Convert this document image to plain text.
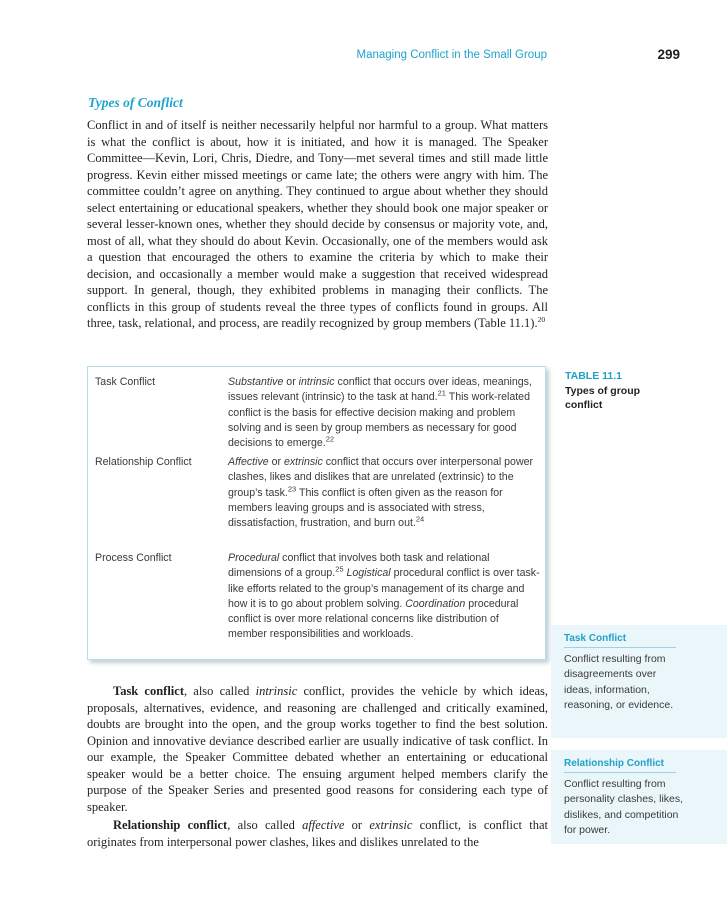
Managing Conflict in the Small Group	299
Types of Conflict

Conflict in and of itself is neither necessarily helpful nor harmful to a group. What matters is what the conflict is about, how it is initiated, and how it is managed. The Speaker Committee—Kevin, Lori, Chris, Diedre, and Tony—met several times and still made little progress. Kevin either missed meetings or came late; the others were angry with him. The committee couldn’t agree on anything. They continued to argue about whether they should select entertaining or educational speakers, whether they should book one major speaker or several lesser-known ones, whether they should decide by consensus or majority vote, and, most of all, what they should do about Kevin. Occasionally, one of the members would ask a question that encouraged the others to examine the criteria by which to make their decision, and occasionally a member would make a suggestion that received widespread support. In general, though, they exhibited problems in managing their conflicts. The conflicts in this group of students reveal the three types of conflicts found in groups. All three, task, relational, and process, are readily recognized by group members (Table 11.1).$^{20}$

Task Conflict	Substantive or intrinsic conflict that occurs over ideas, meanings, issues relevant (intrinsic) to the task at hand.$^{21}$ This work-related conflict is the basis for effective decision making and problem solving and is seen by group members as necessary for good decisions to emerge.$^{22}$
Relationship Conflict	Affective or extrinsic conflict that occurs over interpersonal power clashes, likes and dislikes that are unrelated (extrinsic) to the group’s task.$^{23}$ This conflict is often given as the reason for members leaving groups and is associated with stress, dissatisfaction, frustration, and burn out.$^{24}$
Process Conflict	Procedural conflict that involves both task and relational dimensions of a group.$^{25}$ Logistical procedural conflict is over task-like efforts related to the group’s management of its charge and how it is to go about problem solving. Coordination procedural conflict is over more relational concerns like distribution of member responsibilities and workloads.
TABLE 11.1
Types of group conflict

Task conflict, also called intrinsic conflict, provides the vehicle by which ideas, proposals, alternatives, evidence, and reasoning are challenged and critically examined, doubts are brought into the open, and the group works together to find the best solution. Opinion and innovative deviance described earlier are usually indicative of task conflict. In our example, the Speaker Committee debated whether an entertaining or educational speaker would be a better choice. The ensuing argument helped members clarify the purpose of the Speaker Series and presented good reasons for considering each type of speaker.

Relationship conflict, also called affective or extrinsic conflict, is conflict that originates from interpersonal power clashes, likes and dislikes unrelated to the

Task Conflict
Conflict resulting from disagreements over ideas, information, reasoning, or evidence.
Relationship Conflict
Conflict resulting from personality clashes, likes, dislikes, and competition for power.
